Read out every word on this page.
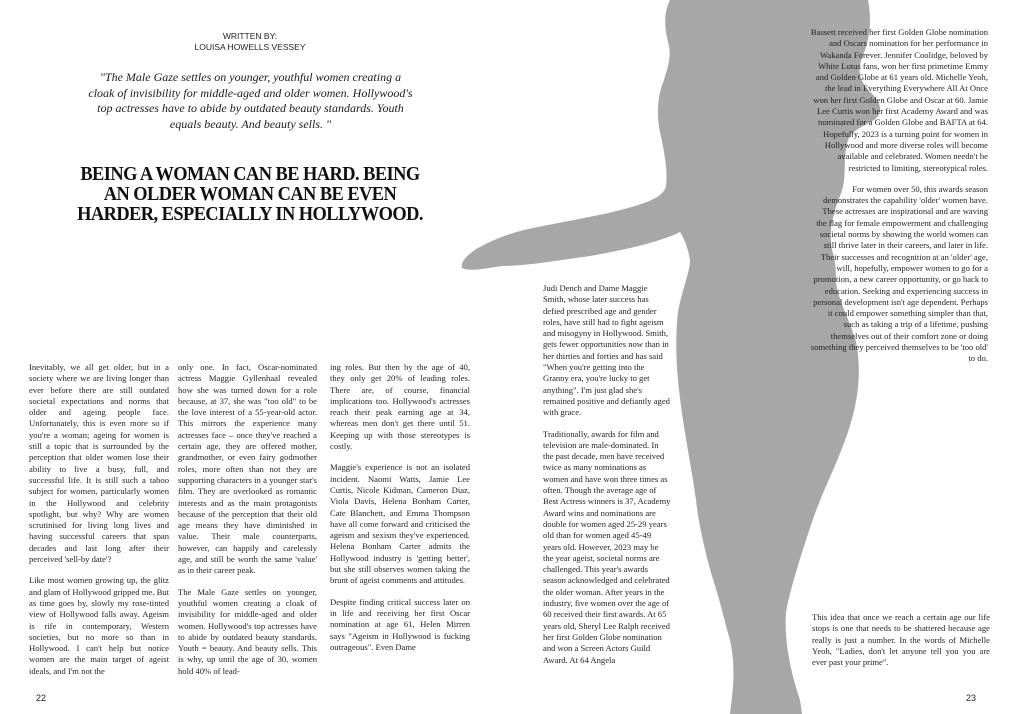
WRITTEN BY:
LOUISA HOWELLS VESSEY
"The Male Gaze settles on younger, youthful women creating a cloak of invisibility for middle-aged and older women. Hollywood's top actresses have to abide by outdated beauty standards. Youth equals beauty. And beauty sells. "
BEING A WOMAN CAN BE HARD. BEING AN OLDER WOMAN CAN BE EVEN HARDER, ESPECIALLY IN HOLLYWOOD.

Inevitably, we all get older, but in a society where we are living longer than ever before there are still outdated societal expectations and norms that older and ageing people face. Unfortunately, this is even more so if you're a woman; ageing for women is still a topic that is surrounded by the perception that older women lose their ability to live a busy, full, and successful life. It is still such a taboo subject for women, particularly women in the Hollywood and celebrity spotlight, but why? Why are women scrutinised for living long lives and having successful careers that span decades and last long after their perceived 'sell-by date'?

Like most women growing up, the glitz and glam of Hollywood gripped me. But as time goes by, slowly my rose-tinted view of Hollywood falls away. Ageism is rife in contemporary, Western societies, but no more so than in Hollywood. I can't help but notice women are the main target of ageist ideals, and I'm not the

only one. In fact, Oscar-nominated actress Maggie Gyllenhaal revealed how she was turned down for a role because, at 37, she was "too old" to be the love interest of a 55-year-old actor. This mirrors the experience many actresses face – once they've reached a certain age, they are offered mother, grandmother, or even fairy godmother roles, more often than not they are supporting characters in a younger star's film. They are overlooked as romantic interests and as the main protagonists because of the perception that their old age means they have diminished in value. Their male counterparts, however, can happily and carelessly age, and still be worth the same 'value' as in their career peak.

The Male Gaze settles on younger, youthful women creating a cloak of invisibility for middle-aged and older women. Hollywood's top actresses have to abide by outdated beauty standards. Youth = beauty. And beauty sells. This is why, up until the age of 30, women hold 40% of lead-

ing roles. But then by the age of 40, they only get 20% of leading roles. There are, of course, financial implications too. Hollywood's actresses reach their peak earning age at 34, whereas men don't get there until 51. Keeping up with those stereotypes is costly.

Maggie's experience is not an isolated incident. Naomi Watts, Jamie Lee Curtis, Nicole Kidman, Cameron Diaz, Viola Davis, Helena Bonham Carter, Cate Blanchett, and Emma Thompson have all come forward and criticised the ageism and sexism they've experienced. Helena Bonham Carter admits the Hollywood industry is 'getting better', but she still observes women taking the brunt of ageist comments and attitudes.

Despite finding critical success later on in life and receiving her first Oscar nomination at age 61, Helen Mirren says "Ageism in Hollywood is fucking outrageous". Even Dame

Judi Dench and Dame Maggie Smith, whose later success has defied prescribed age and gender roles, have still had to fight ageism and misogyny in Hollywood. Smith, gets fewer opportunities now than in her thirties and forties and has said "When you're getting into the Granny era, you're lucky to get anything". I'm just glad she's remained positive and defiantly aged with grace.

Traditionally, awards for film and television are male-dominated. In the past decade, men have received twice as many nominations as women and have won three times as often. Though the average age of Best Actress winners is 37, Academy Award wins and nominations are double for women aged 25-29 years old than for women aged 45-49 years old. However, 2023 may be the year ageist, societal norms are challenged. This year's awards season acknowledged and celebrated the older woman. After years in the industry, five women over the age of 60 received their first awards. At 65 years old, Sheryl Lee Ralph received her first Golden Globe nomination and won a Screen Actors Guild Award. At 64 Angela

Bassett received her first Golden Globe nomination and Oscars nomination for her performance in Wakanda Forever. Jennifer Coolidge, beloved by White Lotus fans, won her first primetime Emmy and Golden Globe at 61 years old. Michelle Yeoh, the lead in Everything Everywhere All At Once won her first Golden Globe and Oscar at 60. Jamie Lee Curtis won her first Academy Award and was nominated for a Golden Globe and BAFTA at 64. Hopefully, 2023 is a turning point for women in Hollywood and more diverse roles will become available and celebrated. Women needn't be restricted to limiting, stereotypical roles.

For women over 50, this awards season demonstrates the capability 'older' women have. These actresses are inspirational and are waving the flag for female empowerment and challenging societal norms by showing the world women can still thrive later in their careers, and later in life. Their successes and recognition at an 'older' age, will, hopefully, empower women to go for a promotion, a new career opportunity, or go back to education. Seeking and experiencing success in personal development isn't age dependent. Perhaps it could empower something simpler than that, such as taking a trip of a lifetime, pushing themselves out of their comfort zone or doing something they perceived themselves to be 'too old' to do.

This idea that once we reach a certain age our life stops is one that needs to be shattered because age really is just a number. In the words of Michelle Yeoh, "Ladies, don't let anyone tell you you are ever past your prime".
22	23
